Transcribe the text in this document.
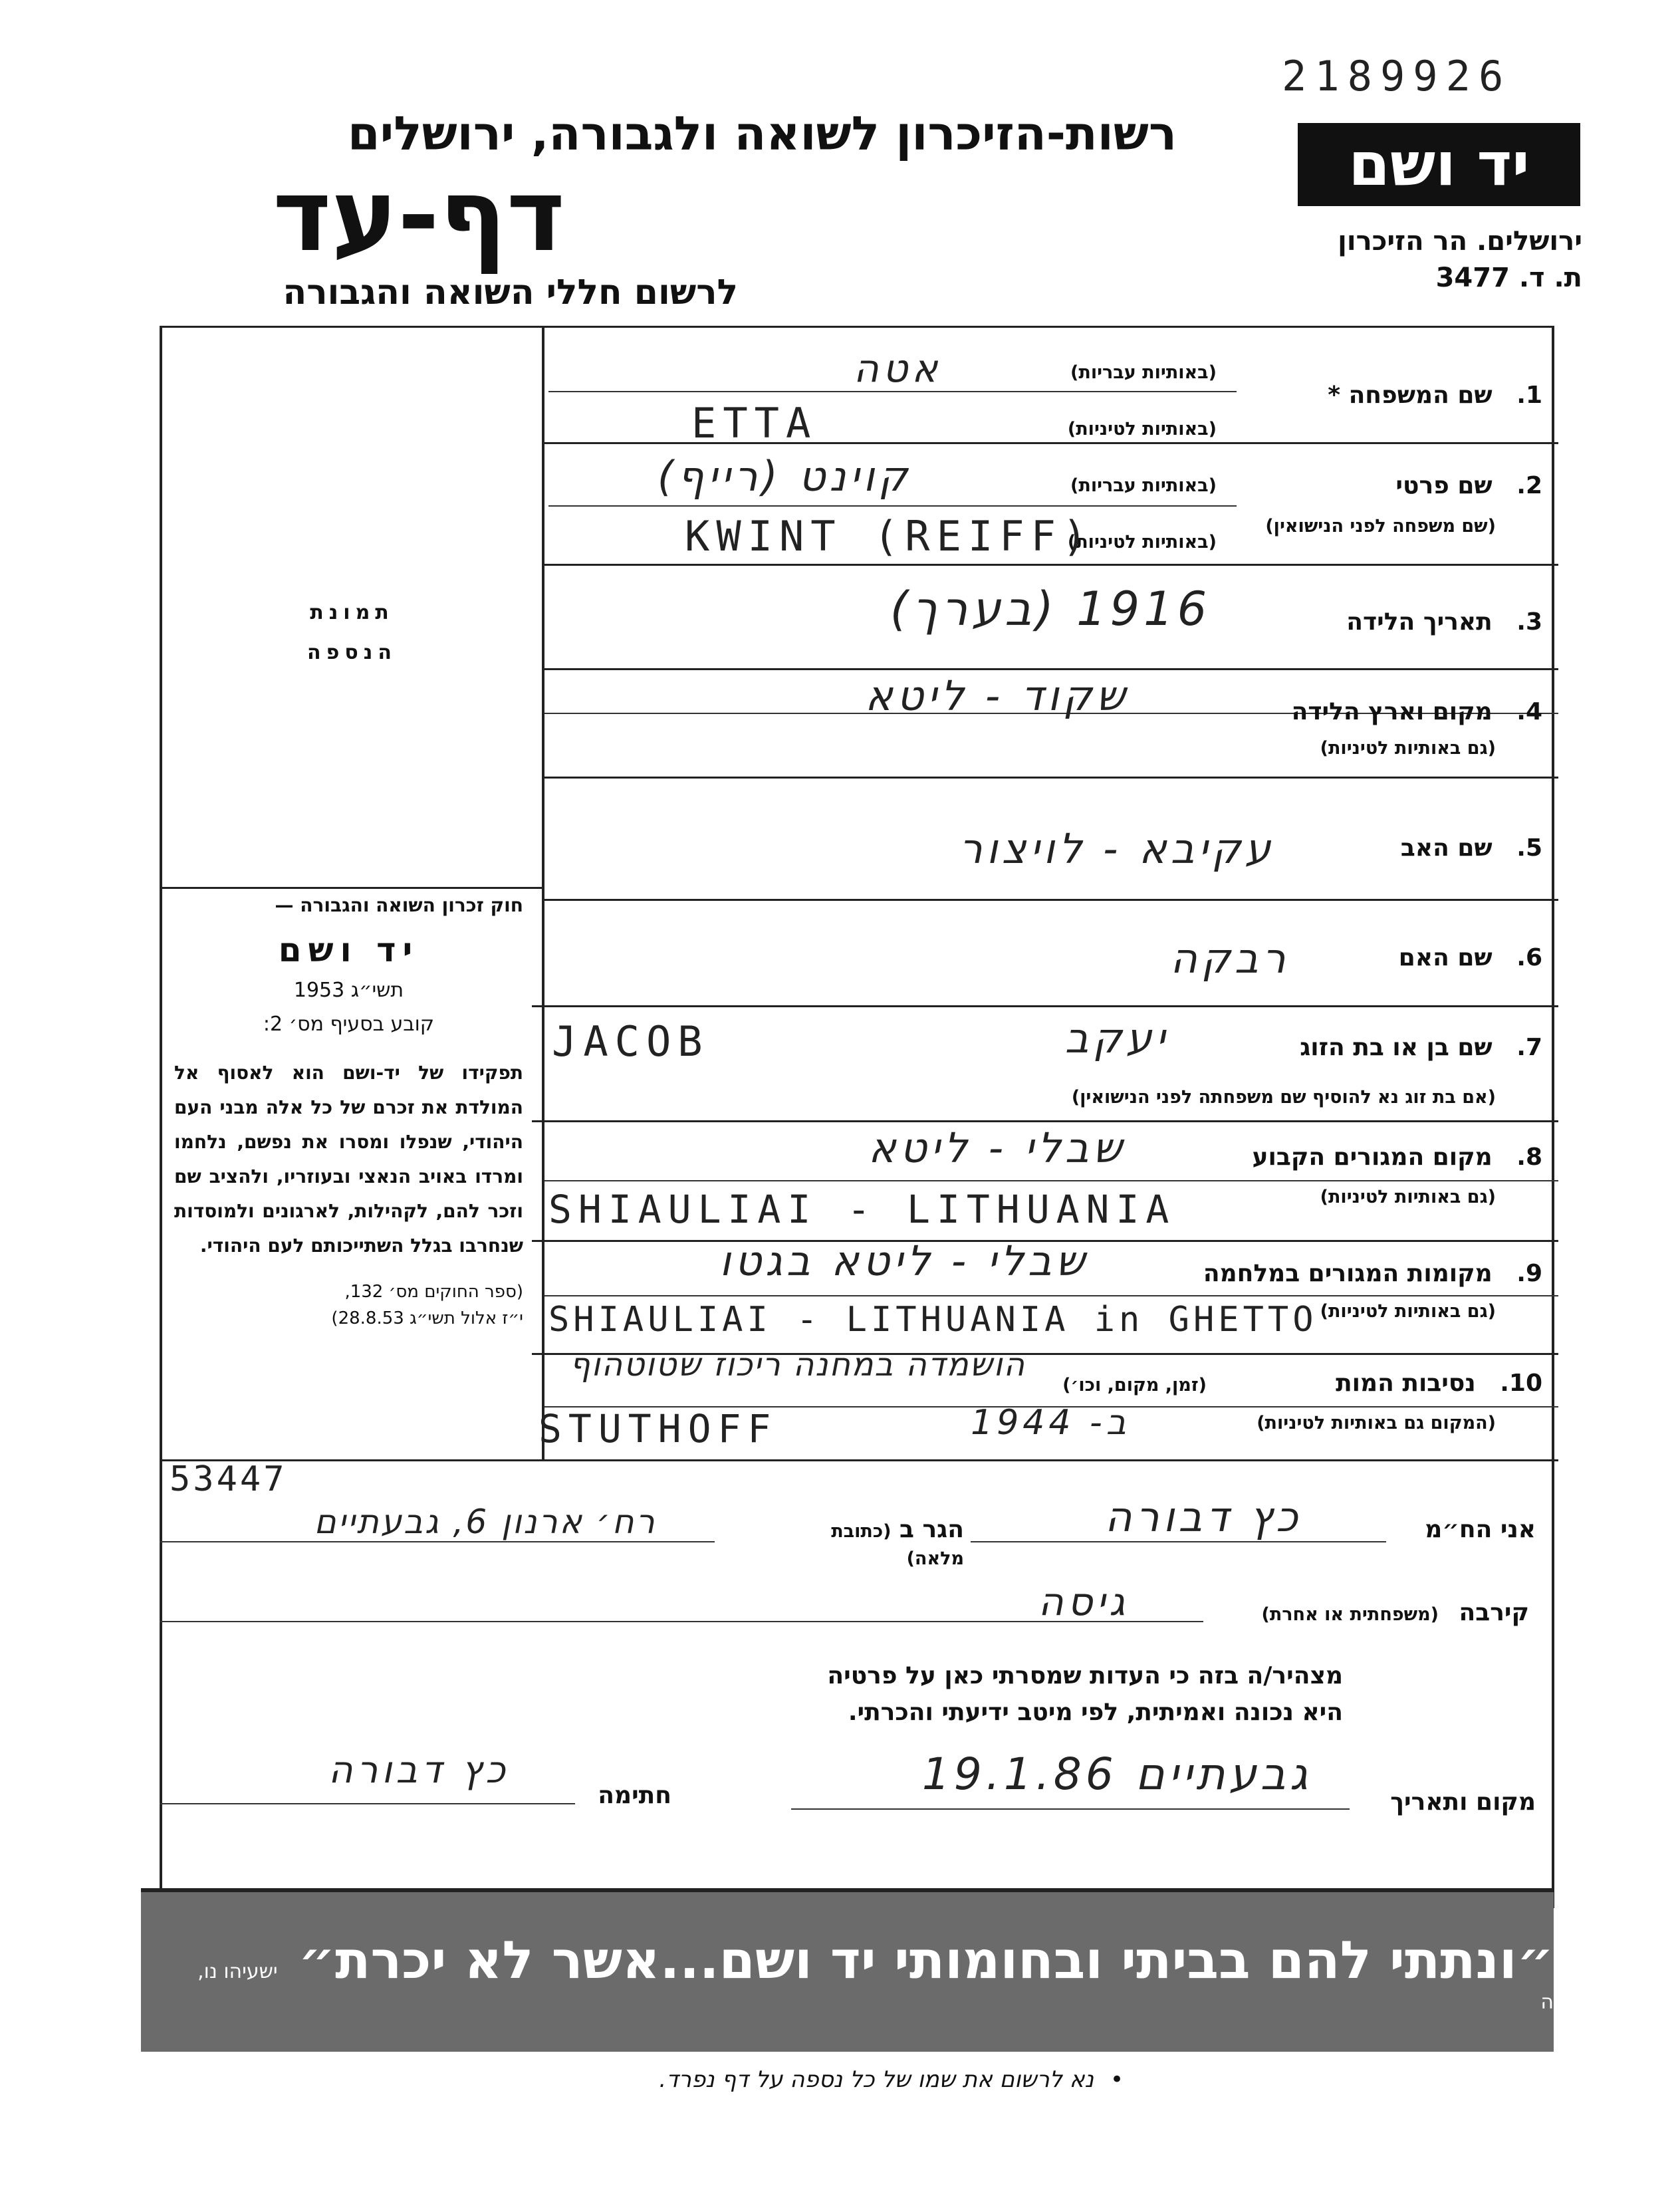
2189926
רשות-הזיכרון לשואה ולגבורה, ירושלים
דף-עד
לרשום חללי השואה והגבורה
יד ושם
ירושלים. הר הזיכרון
ת. ד. 3477
תמונת
הנספה
חוק זכרון השואה והגבורה —
יד ושם
תשי״ג 1953
קובע בסעיף מס׳ 2:
תפקידו של יד-ושם הוא לאסוף אל המולדת את זכרם של כל אלה מבני העם היהודי, שנפלו ומסרו את נפשם, נלחמו ומרדו באויב הנאצי ובעוזריו, ולהציב שם וזכר להם, לקהילות, לארגונים ולמוסדות שנחרבו בגלל השתייכותם לעם היהודי.
(ספר החוקים מס׳ 132,
י״ז אלול תשי״ג 28.8.53)
1. שם המשפחה *
(באותיות עבריות)
(באותיות לטיניות)
אטה
ETTA
2. שם פרטי
(שם משפחה לפני הנישואין)
(באותיות עבריות)
(באותיות לטיניות)
קוינט (רייף)
KWINT (REIFF)
3. תאריך הלידה
1916 (בערך)
4. מקום וארץ הלידה
(גם באותיות לטיניות)
שקוד - ליטא
5. שם האב
עקיבא - לויצור
6. שם האם
רבקה
7. שם בן או בת הזוג
(אם בת זוג נא להוסיף שם משפחתה לפני הנישואין)
יעקב
JACOB
8. מקום המגורים הקבוע
(גם באותיות לטיניות)
שבלי - ליטא
SHIAULIAI - LITHUANIA
9. מקומות המגורים במלחמה
(גם באותיות לטיניות)
שבלי - ליטא בגטו
SHIAULIAI - LITHUANIA in GHETTO
10. נסיבות המות
(זמן, מקום, וכו׳)
(המקום גם באותיות לטיניות)
הושמדה במחנה ריכוז שטוטהוף
STUTHOFF	ב- 1944
53447
אני הח״מ
כץ דבורה
הגר ב (כתובת מלאה)
רח׳ ארנון 6, גבעתיים
קירבה (משפחתית או אחרת)
גיסה
מצהיר/ה בזה כי העדות שמסרתי כאן על פרטיה
היא נכונה ואמיתית, לפי מיטב ידיעתי והכרתי.
מקום ותאריך
גבעתיים 19.1.86
חתימה
כץ דבורה
״ונתתי להם בביתי ובחומותי יד ושם...אשר לא יכרת״ ישעיהו נו, ה
• נא לרשום את שמו של כל נספה על דף נפרד.
